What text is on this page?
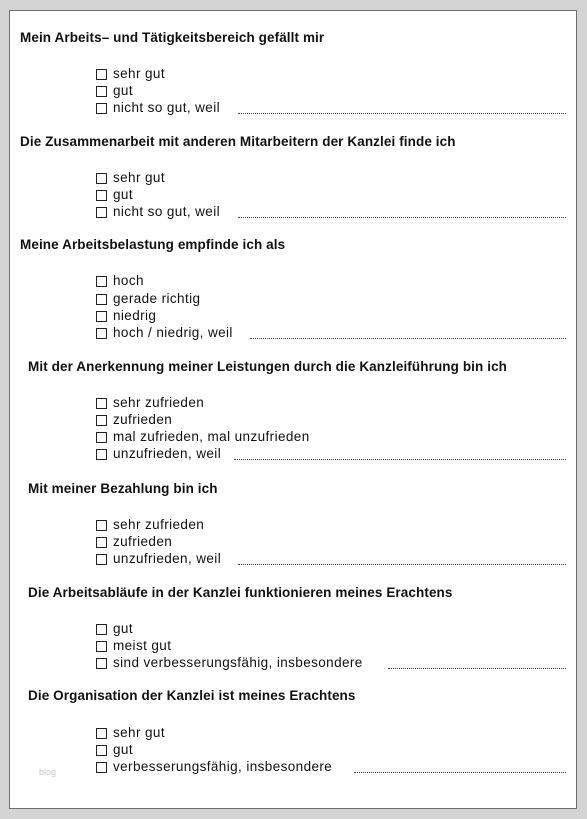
Mein Arbeits– und Tätigkeitsbereich gefällt mir
sehr gut
gut
nicht so gut, weil
Die Zusammenarbeit mit anderen Mitarbeitern der Kanzlei finde ich
sehr gut
gut
nicht so gut, weil
Meine Arbeitsbelastung empfinde ich als
hoch
gerade richtig
niedrig
hoch / niedrig, weil
Mit der Anerkennung meiner Leistungen durch die Kanzleiführung bin ich
sehr zufrieden
zufrieden
mal zufrieden, mal unzufrieden
unzufrieden, weil
Mit meiner Bezahlung bin ich
sehr zufrieden
zufrieden
unzufrieden, weil
Die Arbeitsabläufe in der Kanzlei funktionieren meines Erachtens
gut
meist gut
sind verbesserungsfähig, insbesondere
Die Organisation der Kanzlei ist meines Erachtens
sehr gut
gut
verbesserungsfähig, insbesondere
blog
